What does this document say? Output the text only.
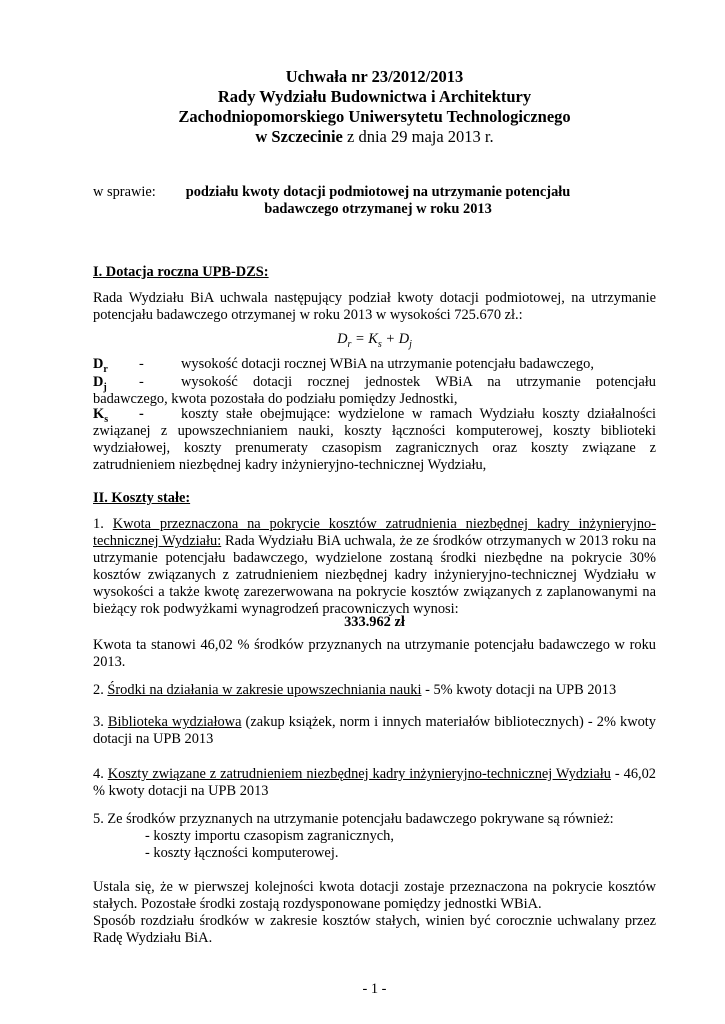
Uchwała nr 23/2012/2013
Rady Wydziału Budownictwa i Architektury
Zachodniopomorskiego Uniwersytetu Technologicznego
w Szczecinie z dnia 29 maja 2013 r.
w sprawie:	podziału kwoty dotacji podmiotowej na utrzymanie potencjału
badawczego otrzymanej w roku 2013
I. Dotacja roczna UPB-DZS:
Rada Wydziału BiA uchwala następujący podział kwoty dotacji podmiotowej, na utrzymanie potencjału badawczego otrzymanej w roku 2013 w wysokości 725.670 zł.:
$D_r = K_s + D_j$
$D_r$ -	wysokość dotacji rocznej WBiA na utrzymanie potencjału badawczego,
$D_j$ -	wysokość dotacji rocznej jednostek WBiA na utrzymanie potencjału
badawczego, kwota pozostała do podziału pomiędzy Jednostki,
$K_s$ -	koszty stałe obejmujące: wydzielone w ramach Wydziału koszty działalności
związanej z upowszechnianiem nauki, koszty łączności komputerowej, koszty biblioteki wydziałowej, koszty prenumeraty czasopism zagranicznych oraz koszty związane z zatrudnieniem niezbędnej kadry inżynieryjno-technicznej Wydziału,
II. Koszty stałe:
1. Kwota przeznaczona na pokrycie kosztów zatrudnienia niezbędnej kadry inżynieryjno-technicznej Wydziału: Rada Wydziału BiA uchwala, że ze środków otrzymanych w 2013 roku na utrzymanie potencjału badawczego, wydzielone zostaną środki niezbędne na pokrycie 30% kosztów związanych z zatrudnieniem niezbędnej kadry inżynieryjno-technicznej Wydziału w wysokości a także kwotę zarezerwowana na pokrycie kosztów związanych z zaplanowanymi na bieżący rok podwyżkami wynagrodzeń pracowniczych wynosi:
333.962 zł
Kwota ta stanowi 46,02 % środków przyznanych na utrzymanie potencjału badawczego w roku 2013.
2. Środki na działania w zakresie upowszechniania nauki - 5% kwoty dotacji na UPB 2013
3. Biblioteka wydziałowa (zakup książek, norm i innych materiałów bibliotecznych) - 2% kwoty dotacji na UPB 2013
4. Koszty związane z zatrudnieniem niezbędnej kadry inżynieryjno-technicznej Wydziału - 46,02 % kwoty dotacji na UPB 2013
5. Ze środków przyznanych na utrzymanie potencjału badawczego pokrywane są również:
- koszty importu czasopism zagranicznych,
- koszty łączności komputerowej.
Ustala się, że w pierwszej kolejności kwota dotacji zostaje przeznaczona na pokrycie kosztów stałych. Pozostałe środki zostają rozdysponowane pomiędzy jednostki WBiA.
Sposób rozdziału środków w zakresie kosztów stałych, winien być corocznie uchwalany przez Radę Wydziału BiA.
- 1 -
